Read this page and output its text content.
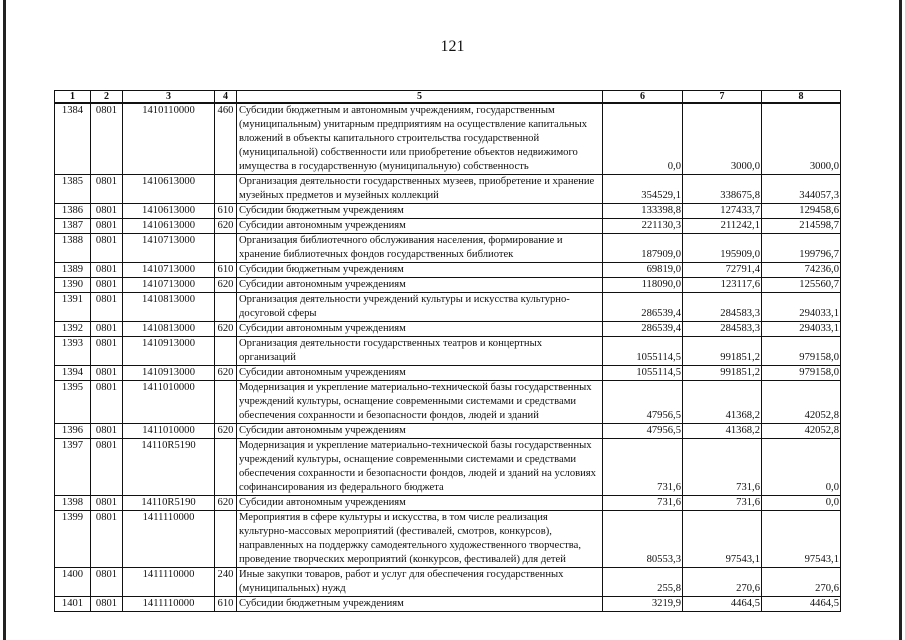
121
1	2	3	4	5	6	7	8
1384	0801	1410110000	460	Субсидии бюджетным и автономным учреждениям, государственным
(муниципальным) унитарным предприятиям на осуществление капитальных
вложений в объекты капитального строительства государственной
(муниципальной) собственности или приобретение объектов недвижимого
имущества в государственную (муниципальную) собственность	0,0	3000,0	3000,0
1385	0801	1410613000		Организация деятельности государственных музеев, приобретение и хранение
музейных предметов и музейных коллекций	354529,1	338675,8	344057,3
1386	0801	1410613000	610	Субсидии бюджетным учреждениям	133398,8	127433,7	129458,6
1387	0801	1410613000	620	Субсидии автономным учреждениям	221130,3	211242,1	214598,7
1388	0801	1410713000		Организация библиотечного обслуживания населения, формирование и
хранение библиотечных фондов государственных библиотек	187909,0	195909,0	199796,7
1389	0801	1410713000	610	Субсидии бюджетным учреждениям	69819,0	72791,4	74236,0
1390	0801	1410713000	620	Субсидии автономным учреждениям	118090,0	123117,6	125560,7
1391	0801	1410813000		Организация деятельности учреждений культуры и искусства культурно-
досуговой сферы	286539,4	284583,3	294033,1
1392	0801	1410813000	620	Субсидии автономным учреждениям	286539,4	284583,3	294033,1
1393	0801	1410913000		Организация деятельности государственных театров и концертных
организаций	1055114,5	991851,2	979158,0
1394	0801	1410913000	620	Субсидии автономным учреждениям	1055114,5	991851,2	979158,0
1395	0801	1411010000		Модернизация и укрепление материально-технической базы государственных
учреждений культуры, оснащение современными системами и средствами
обеспечения сохранности и безопасности фондов, людей и зданий	47956,5	41368,2	42052,8
1396	0801	1411010000	620	Субсидии автономным учреждениям	47956,5	41368,2	42052,8
1397	0801	14110R5190		Модернизация и укрепление материально-технической базы государственных
учреждений культуры, оснащение современными системами и средствами
обеспечения сохранности и безопасности фондов, людей и зданий на условиях
софинансирования из федерального бюджета	731,6	731,6	0,0
1398	0801	14110R5190	620	Субсидии автономным учреждениям	731,6	731,6	0,0
1399	0801	1411110000		Мероприятия в сфере культуры и искусства, в том числе реализация
культурно-массовых мероприятий (фестивалей, смотров, конкурсов),
направленных на поддержку самодеятельного художественного творчества,
проведение творческих мероприятий (конкурсов, фестивалей) для детей	80553,3	97543,1	97543,1
1400	0801	1411110000	240	Иные закупки товаров, работ и услуг для обеспечения государственных
(муниципальных) нужд	255,8	270,6	270,6
1401	0801	1411110000	610	Субсидии бюджетным учреждениям	3219,9	4464,5	4464,5
